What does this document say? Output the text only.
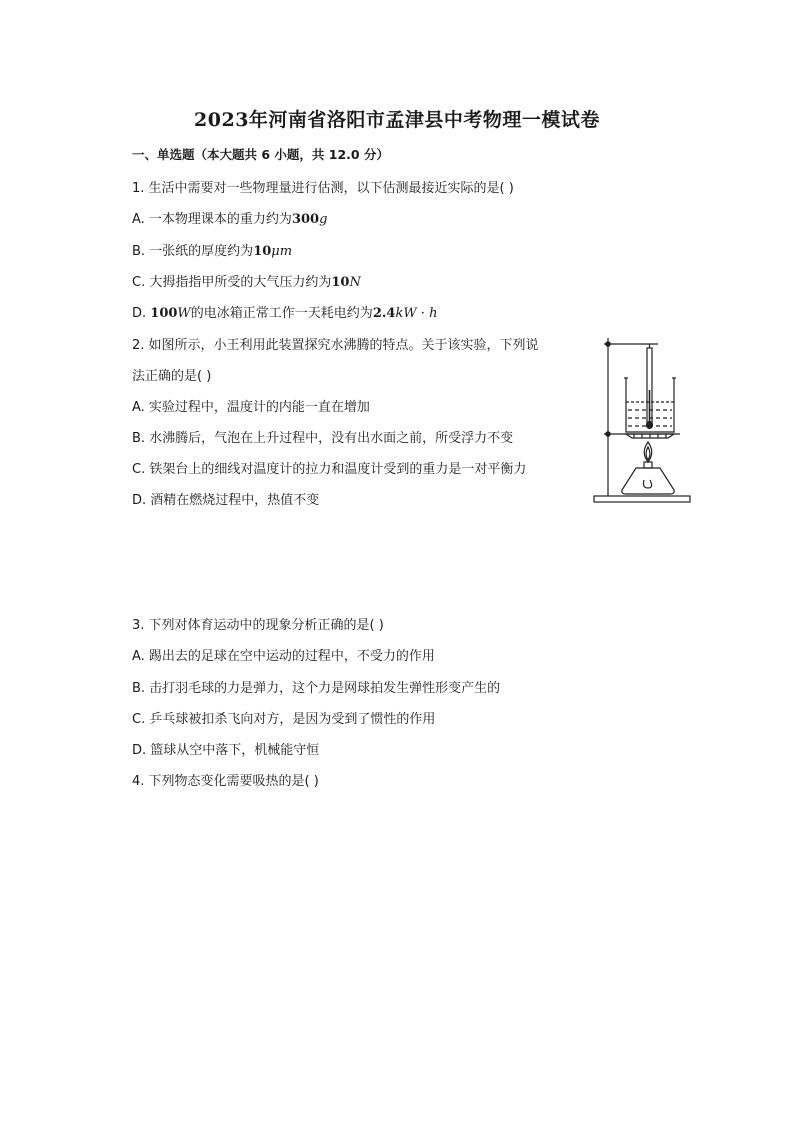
2023年河南省洛阳市孟津县中考物理一模试卷
一、单选题（本大题共 6 小题，共 12.0 分）
1. 生活中需要对一些物理量进行估测，以下估测最接近实际的是( )
A. 一本物理课本的重力约为300g
B. 一张纸的厚度约为10μm
C. 大拇指指甲所受的大气压力约为10N
D. 100W的电冰箱正常工作一天耗电约为2.4kW · h
2. 如图所示，小王利用此装置探究水沸腾的特点。关于该实验，下列说
法正确的是( )
A. 实验过程中，温度计的内能一直在增加
B. 水沸腾后，气泡在上升过程中，没有出水面之前，所受浮力不变
C. 铁架台上的细线对温度计的拉力和温度计受到的重力是一对平衡力
D. 酒精在燃烧过程中，热值不变
3. 下列对体育运动中的现象分析正确的是( )
A. 踢出去的足球在空中运动的过程中，不受力的作用
B. 击打羽毛球的力是弹力，这个力是网球拍发生弹性形变产生的
C. 乒乓球被扣杀飞向对方，是因为受到了惯性的作用
D. 篮球从空中落下，机械能守恒
4. 下列物态变化需要吸热的是( )
